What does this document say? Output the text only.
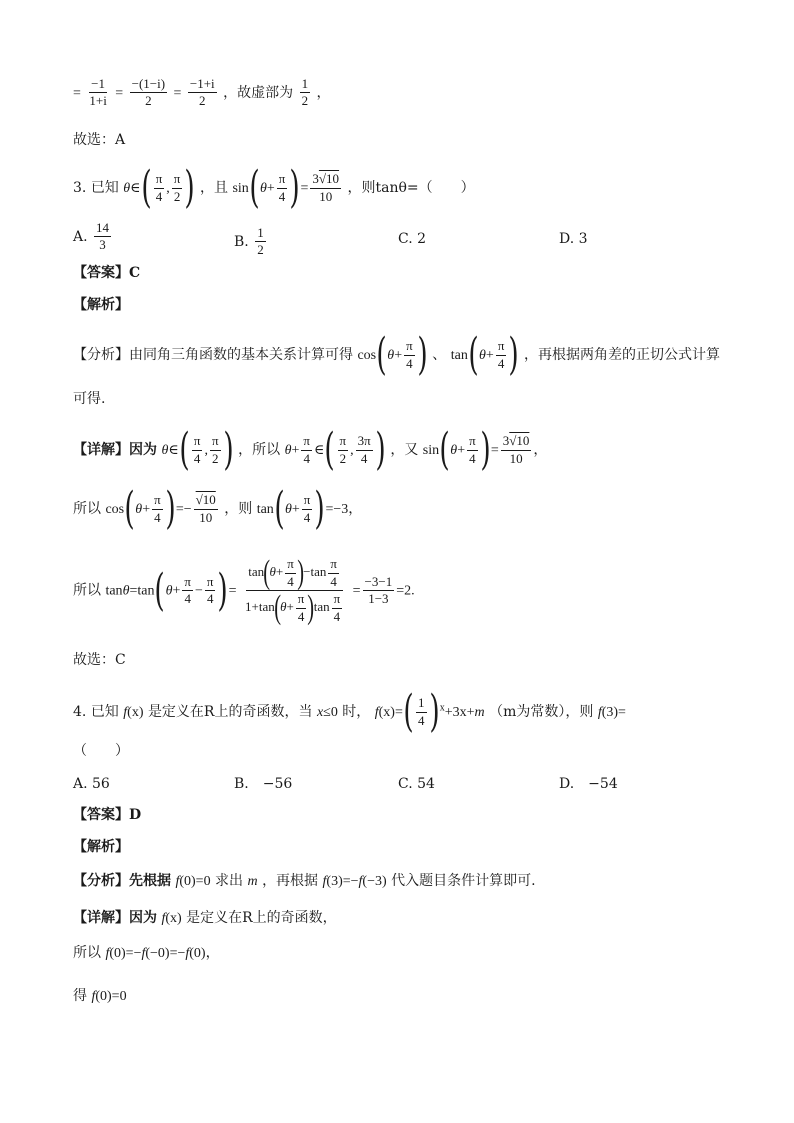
= $\frac{-1}{1+i} = \frac{-(1-i)}{2} = \frac{-1+i}{2}$ ，故虚部为 $\frac{1}{2}$ ，
故选：A
3. 已知 θ∈( $\frac{\pi}{4}$ , $\frac{\pi}{2}$ ) ，且 $\sin(\theta+ \frac{\pi}{4}$ )= $\frac{3√10}{10}$ ，则tanθ=（　　）
A. $\frac{14}{3}$	B. $\frac{1}{2}$	C. 2	D. 3
【答案】C
【解析】
【分析】由同角三角函数的基本关系计算可得 $\cos(\theta+ \frac{\pi}{4}$ ) 、 $\tan(\theta+ \frac{\pi}{4}$ ) ，再根据两角差的正切公式计算
可得.
【详解】因为 θ∈( $\frac{\pi}{4}$ , $\frac{\pi}{2}$ ) ，所以 $\theta+ \frac{\pi}{4}$ ∈( $\frac{\pi}{2}$ , $\frac{3\pi}{4}$ ) ，又 $\sin(\theta+ \frac{\pi}{4}$ )= $\frac{3√10}{10}$ ，
所以 $\cos(\theta+ \frac{\pi}{4}$ )=− $\frac{√10}{10}$ ，则 $\tan(\theta+ \frac{\pi}{4} )=-3$，
所以 $\tan\theta=\tan(\theta+ \frac{\pi}{4} - \frac{\pi}{4}$ )= $\frac{\tan(\theta+ \frac{\pi}{4} )-\tan \frac{\pi}{4}}{1+\tan(\theta+ \frac{\pi}{4} )\tan \frac{\pi}{4}} = \frac{-3-1}{1-3} =2$.
故选：C
4. 已知 f(x) 是定义在R上的奇函数，当 x≤0 时， $f(x)=( \frac{1}{4} )^x+3x+m$ （m为常数），则 f(3)=
（　　）
A. 56	B.　−56	C. 54	D.　−54
【答案】D
【解析】
【分析】先根据 f(0)=0 求出 m ，再根据 f(3)=−f(−3) 代入题目条件计算即可.
【详解】因为 f(x) 是定义在R上的奇函数，
所以 f(0)=−f(−0)=−f(0)，
得 f(0)=0
